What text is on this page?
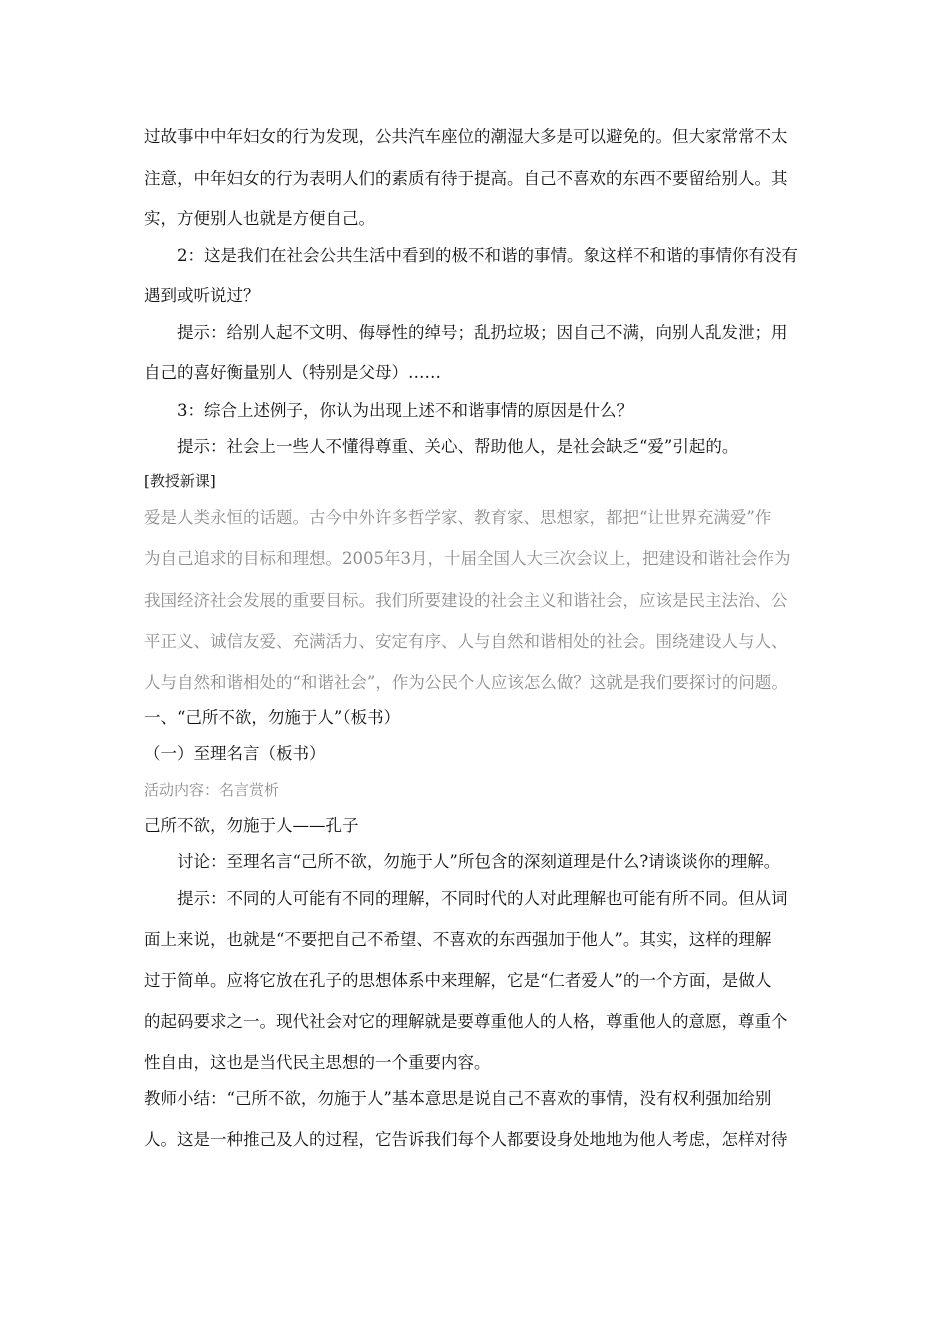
过故事中中年妇女的行为发现，公共汽车座位的潮湿大多是可以避免的。但大家常常不太
注意，中年妇女的行为表明人们的素质有待于提高。自己不喜欢的东西不要留给别人。其
实，方便别人也就是方便自己。
2：这是我们在社会公共生活中看到的极不和谐的事情。象这样不和谐的事情你有没有
遇到或听说过？
提示：给别人起不文明、侮辱性的绰号；乱扔垃圾；因自己不满，向别人乱发泄；用
自己的喜好衡量别人（特别是父母）……
3：综合上述例子，你认为出现上述不和谐事情的原因是什么？
提示：社会上一些人不懂得尊重、关心、帮助他人，是社会缺乏“爱”引起的。
[教授新课]
爱是人类永恒的话题。古今中外许多哲学家、教育家、思想家，都把“让世界充满爱”作
为自己追求的目标和理想。2005年3月，十届全国人大三次会议上，把建设和谐社会作为
我国经济社会发展的重要目标。我们所要建设的社会主义和谐社会，应该是民主法治、公
平正义、诚信友爱、充满活力、安定有序、人与自然和谐相处的社会。围绕建设人与人、
人与自然和谐相处的“和谐社会”，作为公民个人应该怎么做？这就是我们要探讨的问题。
一、“己所不欲，勿施于人”（板书）
（一）至理名言（板书）
活动内容：名言赏析
己所不欲，勿施于人——孔子
讨论：至理名言“己所不欲，勿施于人”所包含的深刻道理是什么?请谈谈你的理解。
提示：不同的人可能有不同的理解，不同时代的人对此理解也可能有所不同。但从词
面上来说，也就是“不要把自己不希望、不喜欢的东西强加于他人”。其实，这样的理解
过于简单。应将它放在孔子的思想体系中来理解，它是“仁者爱人”的一个方面，是做人
的起码要求之一。现代社会对它的理解就是要尊重他人的人格，尊重他人的意愿，尊重个
性自由，这也是当代民主思想的一个重要内容。
教师小结：“己所不欲，勿施于人”基本意思是说自己不喜欢的事情，没有权利强加给别
人。这是一种推己及人的过程，它告诉我们每个人都要设身处地地为他人考虑，怎样对待
